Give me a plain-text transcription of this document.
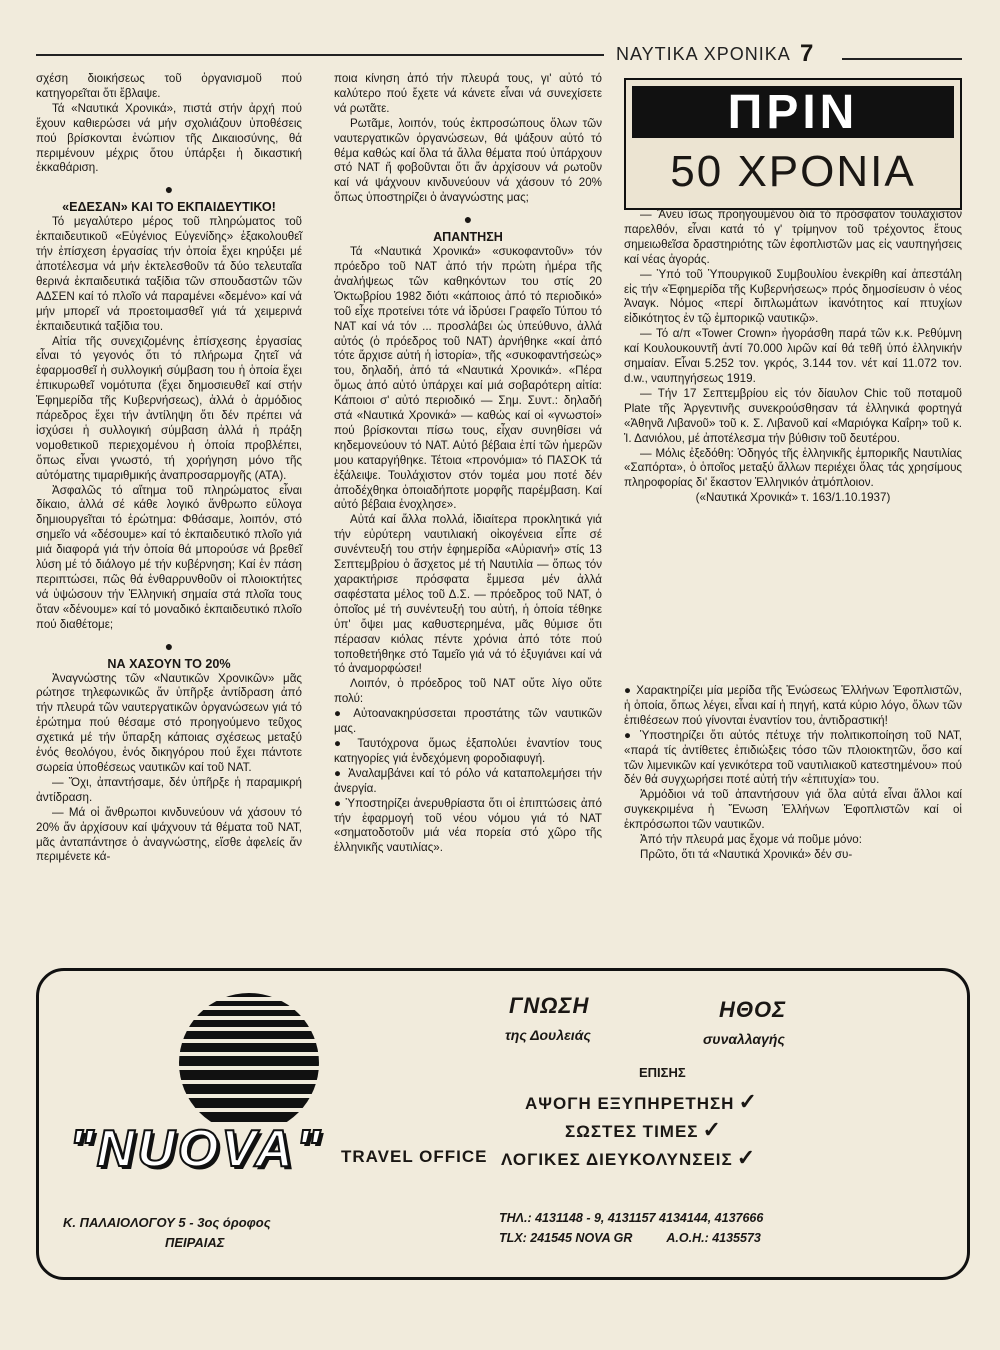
ΝΑΥΤΙΚΑ ΧΡΟΝΙΚΑ 7

σχέση διοικήσεως τοῦ ὀργανισμοῦ πού κατηγορεῖται ὅτι ἔβλαψε.

Τά «Ναυτικά Χρονικά», πιστά στήν ἀρχή πού ἔχουν καθιερώσει νά μήν σχολιάζουν ὑποθέσεις πού βρίσκονται ἐνώπιον τῆς Δικαιοσύνης, θά περιμένουν μέχρις ὅτου ὑπάρξει ἡ δικαστική ἐκκαθάριση.

●

«ΕΔΕΣΑΝ» ΚΑΙ ΤΟ ΕΚΠΑΙΔΕΥΤΙΚΟ!

Τό μεγαλύτερο μέρος τοῦ πληρώματος τοῦ ἐκπαιδευτικοῦ «Εὐγένιος Εὐγενίδης» ἐξακολουθεῖ τήν ἐπίσχεση ἐργασίας τήν ὁποία ἔχει κηρύξει μέ ἀποτέλεσμα νά μήν ἐκτελεσθοῦν τά δύο τελευταῖα θερινά ἐκπαιδευτικά ταξίδια τῶν σπουδαστῶν τῶν ΑΔΣΕΝ καί τό πλοῖο νά παραμένει «δεμένο» καί νά μήν μπορεῖ νά προετοιμασθεῖ γιά τά χειμερινά ἐκπαιδευτικά ταξίδια του.

Αἰτία τῆς συνεχιζομένης ἐπίσχεσης ἐργασίας εἶναι τό γεγονός ὅτι τό πλήρωμα ζητεῖ νά ἐφαρμοσθεῖ ἡ συλλογική σύμβαση του ἡ ὁποία ἔχει ἐπικυρωθεῖ νομότυπα (ἔχει δημοσιευθεῖ καί στήν Ἐφημερίδα τῆς Κυβερνήσεως), ἀλλά ὁ ἁρμόδιος πάρεδρος ἔχει τήν ἀντίληψη ὅτι δέν πρέπει νά ἰσχύσει ἡ συλλογική σύμβαση ἀλλά ἡ πράξη νομοθετικοῦ περιεχομένου ἡ ὁποία προβλέπει, ὅπως εἶναι γνωστό, τή χορήγηση μόνο τῆς αὐτόματης τιμαριθμικής ἀναπροσαρμογῆς (ΑΤΑ).

Ἀσφαλῶς τό αἴτημα τοῦ πληρώματος εἶναι δίκαιο, ἀλλά σέ κάθε λογικό ἄνθρωπο εὔλογα δημιουργεῖται τό ἐρώτημα: Φθάσαμε, λοιπόν, στό σημεῖο νά «δέσουμε» καί τό ἐκπαιδευτικό πλοῖο γιά μιά διαφορά γιά τήν ὁποία θά μπορούσε νά βρεθεῖ λύση μέ τό διάλογο μέ τήν κυβέρνηση; Καί ἐν πάση περιπτώσει, πῶς θά ἐνθαρρυνθοῦν οἱ πλοιοκτήτες νά ὑψώσουν τήν Ἑλληνική σημαία στά πλοῖα τους ὅταν «δένουμε» καί τό μοναδικό ἐκπαιδευτικό πλοῖο πού διαθέτομε;

●

ΝΑ ΧΑΣΟΥΝ ΤΟ 20%

Ἀναγνώστης τῶν «Ναυτικῶν Χρονικῶν» μᾶς ρώτησε τηλεφωνικῶς ἄν ὑπῆρξε ἀντίδραση ἀπό τήν πλευρά τῶν ναυτεργατικῶν ὀργανώσεων γιά τό ἐρώτημα πού θέσαμε στό προηγούμενο τεῦχος σχετικά μέ τήν ὕπαρξη κάποιας σχέσεως μεταξύ ἑνός θεολόγου, ἑνός δικηγόρου πού ἔχει πάντοτε σωρεία ὑποθέσεως ναυτικῶν καί τοῦ ΝΑΤ.

— Ὄχι, ἀπαντήσαμε, δέν ὑπῆρξε ἡ παραμικρή ἀντίδραση.

— Μά οἱ ἄνθρωποι κινδυνεύουν νά χάσουν τό 20% ἄν ἀρχίσουν καί ψάχνουν τά θέματα τοῦ ΝΑΤ, μᾶς ἀνταπάντησε ὁ ἀναγνώστης, εἴσθε ἀφελείς ἄν περιμένετε κά-

ποια κίνηση ἀπό τήν πλευρά τους, γι' αὐτό τό καλύτερο πού ἔχετε νά κάνετε εἶναι νά συνεχίσετε νά ρωτᾶτε.

Ρωτᾶμε, λοιπόν, τούς ἐκπροσώπους ὅλων τῶν ναυτεργατικῶν ὀργανώσεων, θά ψάξουν αὐτό τό θέμα καθώς καί ὅλα τά ἄλλα θέματα πού ὑπάρχουν στό ΝΑΤ ἤ φοβοῦνται ὅτι ἄν ἀρχίσουν νά ρωτοῦν καί νά ψάχνουν κινδυνεύουν νά χάσουν τό 20% ὅπως ὑποστηρίζει ὁ ἀναγνώστης μας;

●

ΑΠΑΝΤΗΣΗ

Τά «Ναυτικά Χρονικά» «συκοφαντοῦν» τόν πρόεδρο τοῦ ΝΑΤ ἀπό τήν πρώτη ἡμέρα τῆς ἀναλήψεως τῶν καθηκόντων του στίς 20 Ὀκτωβρίου 1982 διότι «κάποιος ἀπό τό περιοδικό» τοῦ εἶχε προτείνει τότε νά ἱδρύσει Γραφεῖο Τύπου τό ΝΑΤ καί νά τόν ... προσλάβει ὡς ὑπεύθυνο, ἀλλά αὐτός (ὁ πρόεδρος τοῦ ΝΑΤ) ἀρνήθηκε «καί ἀπό τότε ἄρχισε αὐτή ἡ ἱστορία», τῆς «συκοφαντήσεώς» του, δηλαδή, ἀπό τά «Ναυτικά Χρονικά». «Πέρα ὅμως ἀπό αὐτό ὑπάρχει καί μιά σοβαρότερη αἰτία: Κάποιοι σ' αὐτό περιοδικό — Σημ. Συντ.: δηλαδή στά «Ναυτικά Χρονικά» — καθώς καί οἱ «γνωστοί» πού βρίσκονται πίσω τους, εἶχαν συνηθίσει νά κηδεμονεύουν τό ΝΑΤ. Αὐτό βέβαια ἐπί τῶν ἡμερῶν μου καταργήθηκε. Τέτοια «προνόμια» τό ΠΑΣΟΚ τά ἐξάλειψε. Τουλάχιστον στόν τομέα μου ποτέ δέν ἀποδέχθηκα ὁποιαδήποτε μορφῆς παρέμβαση. Καί αὐτό βέβαια ἐνοχλησε».

Αὐτά καί ἄλλα πολλά, ἰδιαίτερα προκλητικά γιά τήν εὐρύτερη ναυτιλιακή οἰκογένεια εἶπε σέ συνέντευξή του στήν ἐφημερίδα «Αὐριανή» στίς 13 Σεπτεμβρίου ὁ ἄσχετος μέ τή Ναυτιλία — ὅπως τόν χαρακτήρισε πρόσφατα ἔμμεσα μέν ἀλλά σαφέστατα μέλος τοῦ Δ.Σ. — πρόεδρος τοῦ ΝΑΤ, ὁ ὁποῖος μέ τή συνέντευξή του αὐτή, ἡ ὁποία τέθηκε ὑπ' ὄψει μας καθυστερημένα, μᾶς θύμισε ὅτι πέρασαν κιόλας πέντε χρόνια ἀπό τότε πού τοποθετήθηκε στό Ταμεῖο γιά νά τό ἐξυγιάνει καί νά τό ἀναμορφώσει!

Λοιπόν, ὁ πρόεδρος τοῦ ΝΑΤ οὔτε λίγο οὔτε πολύ:

● Αὐτοανακηρύσσεται προστάτης τῶν ναυτικῶν μας.

● Ταυτόχρονα ὅμως ἐξαπολύει ἐναντίον τους κατηγορίες γιά ἐνδεχόμενη φοροδιαφυγή.

● Ἀναλαμβάνει καί τό ρόλο νά καταπολεμήσει τήν ἀνεργία.

● Ὑποστηρίζει ἀνερυθρίαστα ὅτι οἱ ἐπιπτώσεις ἀπό τήν ἐφαρμογή τοῦ νέου νόμου γιά τό ΝΑΤ «σηματοδοτοῦν μιά νέα πορεία στό χῶρο τῆς ἑλληνικῆς ναυτιλίας».

ΠΡΙΝ
50 ΧΡΟΝΙΑ

— Ἄνευ ἴσως προηγουμένου διά τό πρόσφατον τουλάχιστον παρελθόν, εἶναι κατά τό γ' τρίμηνον τοῦ τρέχοντος ἔτους σημειωθεῖσα δραστηριότης τῶν ἐφοπλιστῶν μας εἰς ναυπηγήσεις καί νέας ἀγοράς.

— Ὑπό τοῦ Ὑπουργικοῦ Συμβουλίου ἐνεκρίθη καί ἀπεστάλη εἰς τήν «Ἐφημερίδα τῆς Κυβερνήσεως» πρός δημοσίευσιν ὁ νέος Ἀναγκ. Νόμος «περί διπλωμάτων ἱκανότητος καί πτυχίων εἰδικότητος ἐν τῷ ἐμπορικῷ ναυτικῷ».

— Τό α/π «Tower Crown» ἠγοράσθη παρά τῶν κ.κ. Ρεθύμνη καί Κουλουκουντῆ ἀντί 70.000 λιρῶν καί θά τεθῆ ὑπό ἑλληνικήν σημαίαν. Εἶναι 5.252 τον. γκρός, 3.144 τον. νέτ καί 11.072 τον. d.w., ναυπηγήσεως 1919.

— Τήν 17 Σεπτεμβρίου εἰς τόν δίαυλον Chic τοῦ ποταμοῦ Plate τῆς Ἀργεντινῆς συνεκρούσθησαν τά ἑλληνικά φορτηγά «Ἀθηνᾶ Λιβανοῦ» τοῦ κ. Σ. Λιβανοῦ καί «Μαριόγκα Καΐρη» τοῦ κ. Ἰ. Δανιόλου, μέ ἀποτέλεσμα τήν βύθισιν τοῦ δευτέρου.

— Μόλις ἐξεδόθη: Ὁδηγός τῆς ἑλληνικῆς ἐμπορικῆς Ναυτιλίας «Σαπόρτα», ὁ ὁποῖος μεταξύ ἄλλων περιέχει ὅλας τάς χρησίμους πληροφορίας δι' ἕκαστον Ἑλληνικόν ἀτμόπλοιον.

(«Ναυτικά Χρονικά» τ. 163/1.10.1937)

● Χαρακτηρίζει μία μερίδα τῆς Ἑνώσεως Ἑλλήνων Ἐφοπλιστῶν, ἡ ὁποία, ὅπως λέγει, εἶναι καί ἡ πηγή, κατά κύριο λόγο, ὅλων τῶν ἐπιθέσεων πού γίνονται ἐναντίον του, ἀντιδραστική!

● Ὑποστηρίζει ὅτι αὐτός πέτυχε τήν πολιτικοποίηση τοῦ ΝΑΤ, «παρά τίς ἀντίθετες ἐπιδιώξεις τόσο τῶν πλοιοκτητῶν, ὅσο καί τῶν λιμενικῶν καί γενικότερα τοῦ ναυτιλιακοῦ κατεστημένου» πού δέν θά συγχωρήσει ποτέ αὐτή τήν «ἐπιτυχία» του.

Ἁρμόδιοι νά τοῦ ἀπαντήσουν γιά ὅλα αὐτά εἶναι ἄλλοι καί συγκεκριμένα ἡ Ἕνωση Ἑλλήνων Ἐφοπλιστῶν καί οἱ ἐκπρόσωποι τῶν ναυτικῶν.

Ἀπό τήν πλευρά μας ἔχομε νά ποῦμε μόνο:

Πρῶτο, ὅτι τά «Ναυτικά Χρονικά» δέν συ-

"NUOVA" TRAVEL OFFICE
Κ. ΠΑΛΑΙΟΛΟΓΟΥ 5 - 3ος όροφος
ΠΕΙΡΑΙΑΣ
ΓΝΩΣΗ
της Δουλειάς
ΗΘΟΣ
συναλλαγής
ΕΠΙΣΗΣ
ΑΨΟΓΗ ΕΞΥΠΗΡΕΤΗΣΗ ✓
ΣΩΣΤΕΣ ΤΙΜΕΣ ✓
ΛΟΓΙΚΕΣ ΔΙΕΥΚΟΛΥΝΣΕΙΣ ✓
ΤΗΛ.: 4131148 - 9, 4131157 4134144, 4137666
TLX: 241545 NOVA GR	Α.Ο.Η.: 4135573
